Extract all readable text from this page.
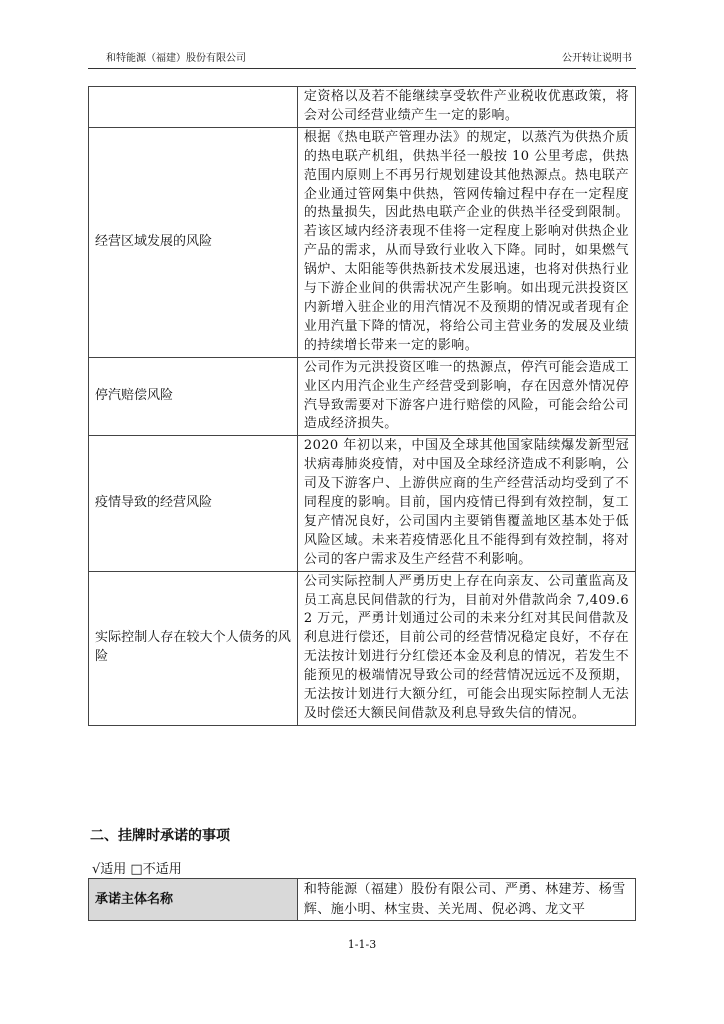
和特能源（福建）股份有限公司	公开转让说明书
	定资格以及若不能继续享受软件产业税收优惠政策，将会对公司经营业绩产生一定的影响。
经营区域发展的风险	根据《热电联产管理办法》的规定，以蒸汽为供热介质的热电联产机组，供热半径一般按 10 公里考虑，供热范围内原则上不再另行规划建设其他热源点。热电联产企业通过管网集中供热，管网传输过程中存在一定程度的热量损失，因此热电联产企业的供热半径受到限制。若该区域内经济表现不佳将一定程度上影响对供热企业产品的需求，从而导致行业收入下降。同时，如果燃气锅炉、太阳能等供热新技术发展迅速，也将对供热行业与下游企业间的供需状况产生影响。如出现元洪投资区内新增入驻企业的用汽情况不及预期的情况或者现有企业用汽量下降的情况，将给公司主营业务的发展及业绩的持续增长带来一定的影响。
停汽赔偿风险	公司作为元洪投资区唯一的热源点，停汽可能会造成工业区内用汽企业生产经营受到影响，存在因意外情况停汽导致需要对下游客户进行赔偿的风险，可能会给公司造成经济损失。
疫情导致的经营风险	2020 年初以来，中国及全球其他国家陆续爆发新型冠状病毒肺炎疫情，对中国及全球经济造成不利影响，公司及下游客户、上游供应商的生产经营活动均受到了不同程度的影响。目前，国内疫情已得到有效控制，复工复产情况良好，公司国内主要销售覆盖地区基本处于低风险区域。未来若疫情恶化且不能得到有效控制，将对公司的客户需求及生产经营不利影响。
实际控制人存在较大个人债务的风险	公司实际控制人严勇历史上存在向亲友、公司董监高及员工高息民间借款的行为，目前对外借款尚余 7,409.62 万元，严勇计划通过公司的未来分红对其民间借款及利息进行偿还，目前公司的经营情况稳定良好，不存在无法按计划进行分红偿还本金及利息的情况，若发生不能预见的极端情况导致公司的经营情况远远不及预期，无法按计划进行大额分红，可能会出现实际控制人无法及时偿还大额民间借款及利息导致失信的情况。
二、挂牌时承诺的事项
√适用 □不适用
承诺主体名称	和特能源（福建）股份有限公司、严勇、林建芳、杨雪辉、施小明、林宝贵、关光周、倪必鸿、龙文平
1-1-3
